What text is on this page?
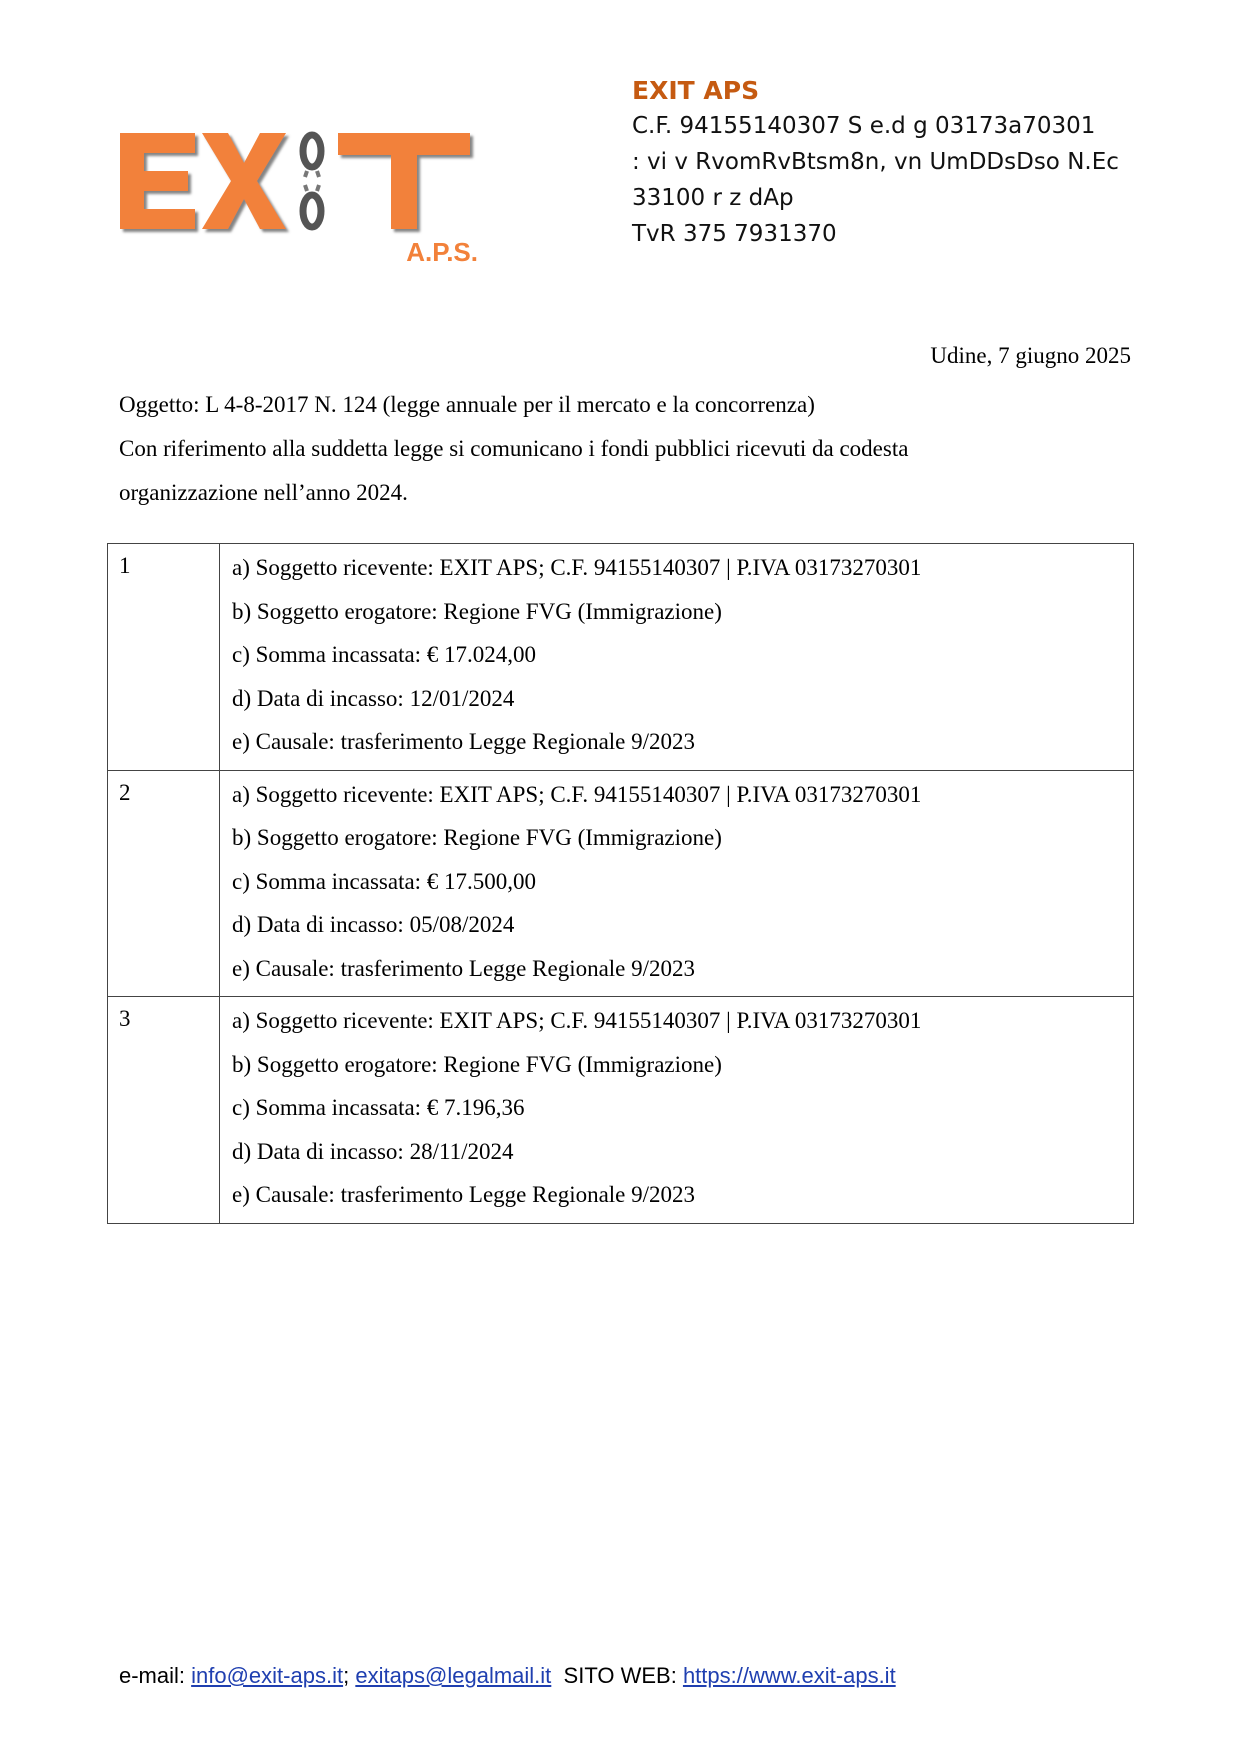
A.P.S.
EXIT APS
C.F. 94155140307 S e.d g 03173a70301
: vi v RvomRvBtsm8n, vn UmDDsDso N.Ec
33100 r z dAp
TvR 375 7931370
Udine, 7 giugno 2025
Oggetto: L 4-8-2017 N. 124 (legge annuale per il mercato e la concorrenza)
Con riferimento alla suddetta legge si comunicano i fondi pubblici ricevuti da codesta
organizzazione nell’anno 2024.
1	a) Soggetto ricevente: EXIT APS; C.F. 94155140307 | P.IVA 03173270301
b) Soggetto erogatore: Regione FVG (Immigrazione)
c) Somma incassata: € 17.024,00
d) Data di incasso: 12/01/2024
e) Causale: trasferimento Legge Regionale 9/2023

2	a) Soggetto ricevente: EXIT APS; C.F. 94155140307 | P.IVA 03173270301
b) Soggetto erogatore: Regione FVG (Immigrazione)
c) Somma incassata: € 17.500,00
d) Data di incasso: 05/08/2024
e) Causale: trasferimento Legge Regionale 9/2023

3	a) Soggetto ricevente: EXIT APS; C.F. 94155140307 | P.IVA 03173270301
b) Soggetto erogatore: Regione FVG (Immigrazione)
c) Somma incassata: € 7.196,36
d) Data di incasso: 28/11/2024
e) Causale: trasferimento Legge Regionale 9/2023
e-mail: info@exit-aps.it; exitaps@legalmail.it SITO WEB: https://www.exit-aps.it
